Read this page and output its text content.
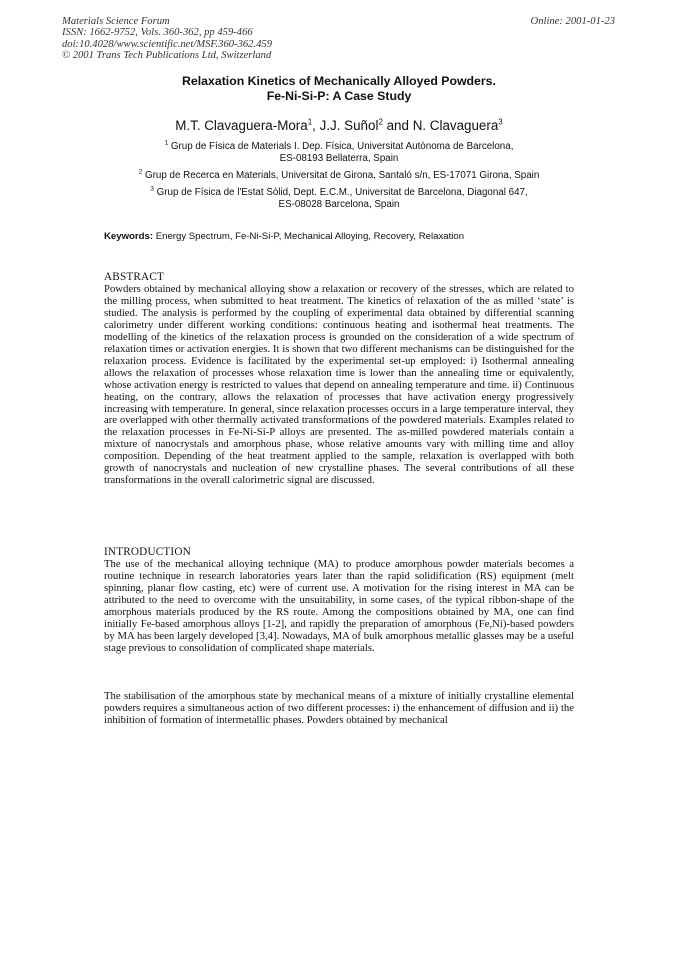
Materials Science Forum
ISSN: 1662-9752, Vols. 360-362, pp 459-466
doi:10.4028/www.scientific.net/MSF.360-362.459
© 2001 Trans Tech Publications Ltd, Switzerland
Online: 2001-01-23
Relaxation Kinetics of Mechanically Alloyed Powders.
Fe-Ni-Si-P: A Case Study
M.T. Clavaguera-Mora$^1$, J.J. Suñol$^2$ and N. Clavaguera$^3$
$^1$ Grup de Física de Materials I. Dep. Física, Universitat Autònoma de Barcelona,
ES-08193 Bellaterra, Spain
$^2$ Grup de Recerca en Materials, Universitat de Girona, Santaló s/n, ES-17071 Girona, Spain
$^3$ Grup de Física de l'Estat Sòlid, Dept. E.C.M., Universitat de Barcelona, Diagonal 647,
ES-08028 Barcelona, Spain
Keywords: Energy Spectrum, Fe-Ni-Si-P, Mechanical Alloying, Recovery, Relaxation
ABSTRACT
Powders obtained by mechanical alloying show a relaxation or recovery of the stresses, which are related to the milling process, when submitted to heat treatment. The kinetics of relaxation of the as milled ‘state’ is studied. The analysis is performed by the coupling of experimental data obtained by differential scanning calorimetry under different working conditions: continuous heating and isothermal heat treatments. The modelling of the kinetics of the relaxation process is grounded on the consideration of a wide spectrum of relaxation times or activation energies. It is shown that two different mechanisms can be distinguished for the relaxation process. Evidence is facilitated by the experimental set-up employed: i) Isothermal annealing allows the relaxation of processes whose relaxation time is lower than the annealing time or equivalently, whose activation energy is restricted to values that depend on annealing temperature and time. ii) Continuous heating, on the contrary, allows the relaxation of processes that have activation energy progressively increasing with temperature. In general, since relaxation processes occurs in a large temperature interval, they are overlapped with other thermally activated transformations of the powdered materials. Examples related to the relaxation processes in Fe-Ni-Si-P alloys are presented. The as-milled powdered materials contain a mixture of nanocrystals and amorphous phase, whose relative amounts vary with milling time and alloy composition. Depending of the heat treatment applied to the sample, relaxation is overlapped with both growth of nanocrystals and nucleation of new crystalline phases. The several contributions of all these transformations in the overall calorimetric signal are discussed.
INTRODUCTION
The use of the mechanical alloying technique (MA) to produce amorphous powder materials becomes a routine technique in research laboratories years later than the rapid solidification (RS) equipment (melt spinning, planar flow casting, etc) were of current use. A motivation for the rising interest in MA can be attributed to the need to overcome with the unsuitability, in some cases, of the typical ribbon-shape of the amorphous materials produced by the RS route. Among the compositions obtained by MA, one can find initially Fe-based amorphous alloys [1-2], and rapidly the preparation of amorphous (Fe,Ni)-based powders by MA has been largely developed [3,4]. Nowadays, MA of bulk amorphous metallic glasses may be a useful stage previous to consolidation of complicated shape materials.
The stabilisation of the amorphous state by mechanical means of a mixture of initially crystalline elemental powders requires a simultaneous action of two different processes: i) the enhancement of diffusion and ii) the inhibition of formation of intermetallic phases. Powders obtained by mechanical
